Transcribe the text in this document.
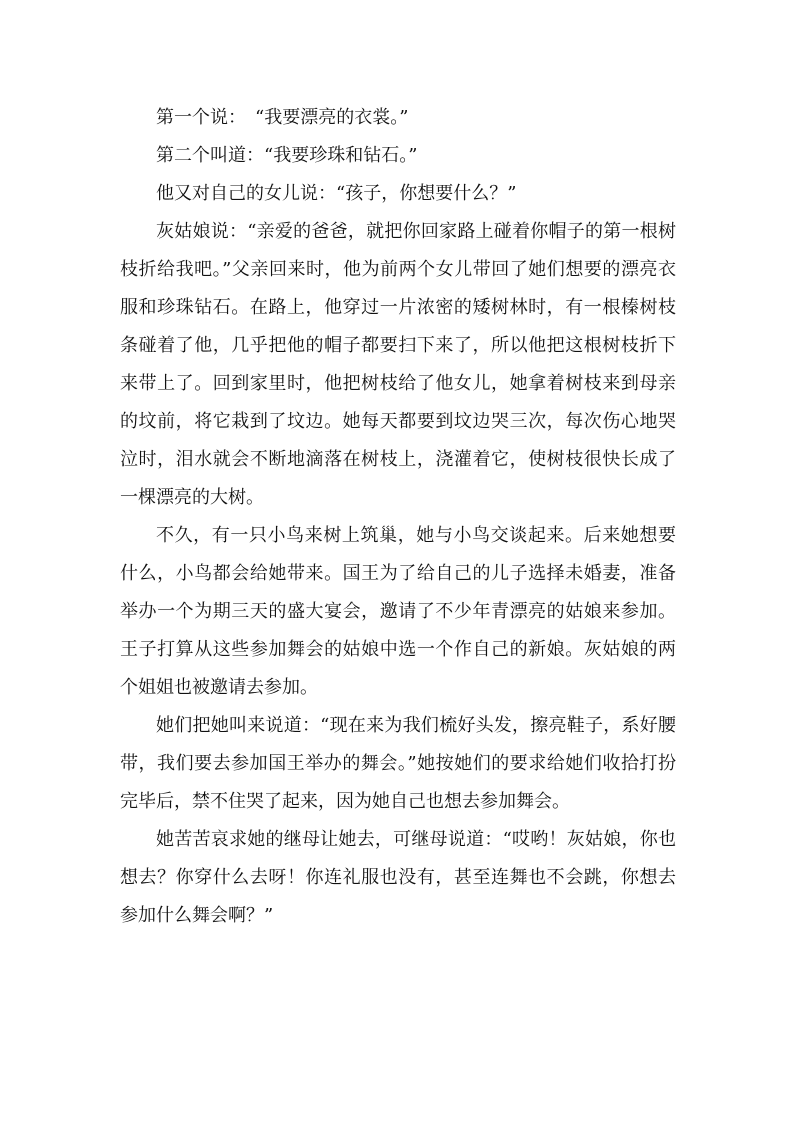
第一个说：　“我要漂亮的衣裳。”

第二个叫道：“我要珍珠和钻石。”

他又对自己的女儿说：“孩子，你想要什么？”

灰姑娘说：“亲爱的爸爸，就把你回家路上碰着你帽子的第一根树枝折给我吧。”父亲回来时，他为前两个女儿带回了她们想要的漂亮衣服和珍珠钻石。在路上，他穿过一片浓密的矮树林时，有一根榛树枝条碰着了他，几乎把他的帽子都要扫下来了，所以他把这根树枝折下来带上了。回到家里时，他把树枝给了他女儿，她拿着树枝来到母亲的坟前，将它栽到了坟边。她每天都要到坟边哭三次，每次伤心地哭泣时，泪水就会不断地滴落在树枝上，浇灌着它，使树枝很快长成了一棵漂亮的大树。

不久，有一只小鸟来树上筑巢，她与小鸟交谈起来。后来她想要什么，小鸟都会给她带来。国王为了给自己的儿子选择未婚妻，准备举办一个为期三天的盛大宴会，邀请了不少年青漂亮的姑娘来参加。王子打算从这些参加舞会的姑娘中选一个作自己的新娘。灰姑娘的两个姐姐也被邀请去参加。

她们把她叫来说道：“现在来为我们梳好头发，擦亮鞋子，系好腰带，我们要去参加国王举办的舞会。”她按她们的要求给她们收拾打扮完毕后，禁不住哭了起来，因为她自己也想去参加舞会。

她苦苦哀求她的继母让她去，可继母说道：“哎哟！灰姑娘，你也想去？你穿什么去呀！你连礼服也没有，甚至连舞也不会跳，你想去参加什么舞会啊？”
